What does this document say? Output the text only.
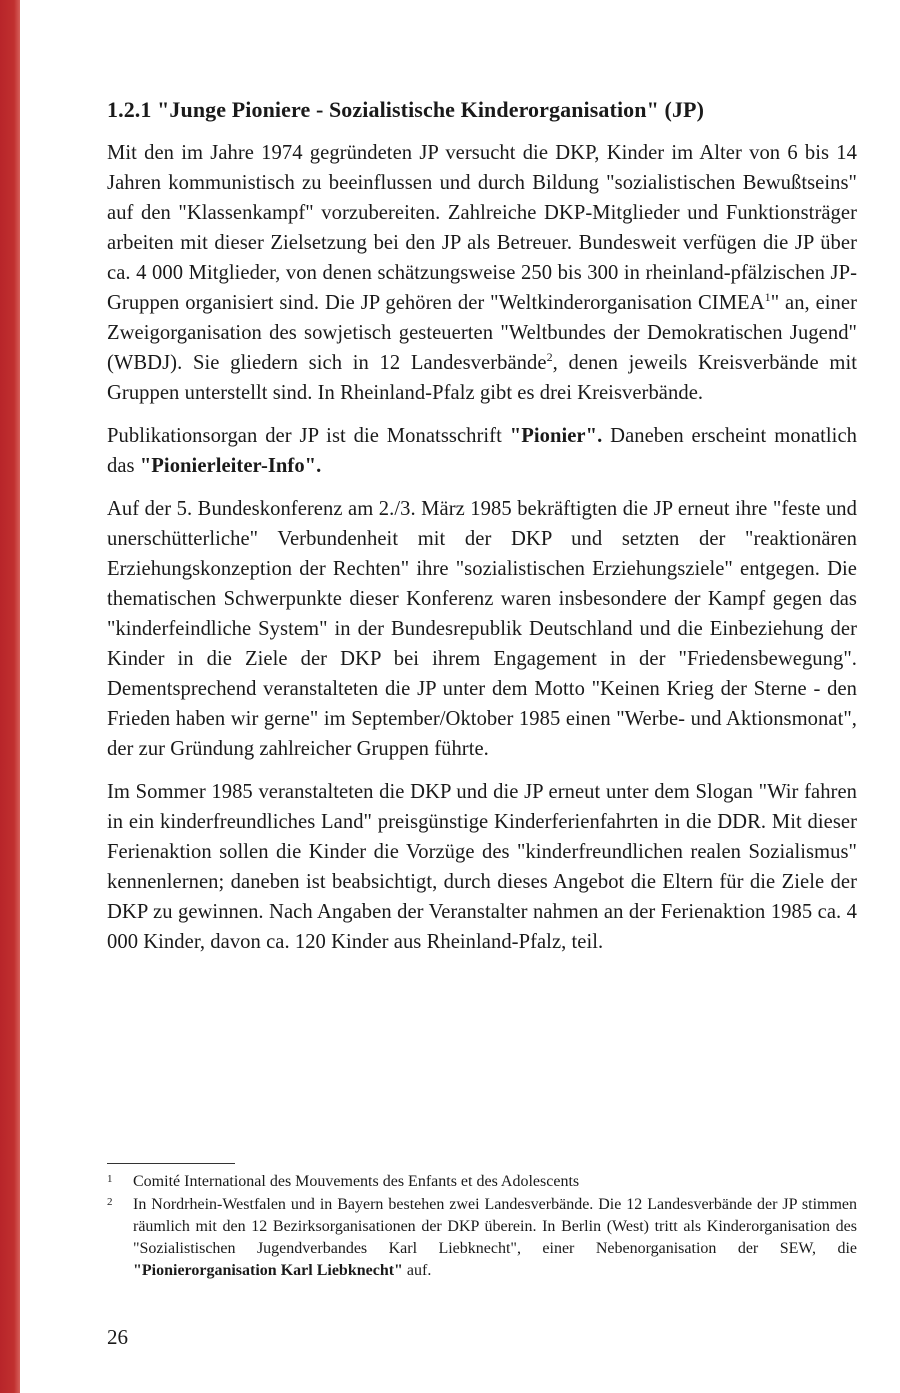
1.2.1 "Junge Pioniere - Sozialistische Kinderorganisation" (JP)

Mit den im Jahre 1974 gegründeten JP versucht die DKP, Kinder im Alter von 6 bis 14 Jahren kommunistisch zu beeinflussen und durch Bildung "sozialistischen Bewußtseins" auf den "Klassenkampf" vorzubereiten. Zahlreiche DKP-Mitglieder und Funktionsträger arbeiten mit dieser Zielsetzung bei den JP als Betreuer. Bundesweit verfügen die JP über ca. 4 000 Mitglieder, von denen schätzungsweise 250 bis 300 in rheinland-pfälzischen JP-Gruppen organisiert sind. Die JP gehören der "Weltkinderorganisation CIMEA$^1$" an, einer Zweigorganisation des sowjetisch gesteuerten "Weltbundes der Demokratischen Jugend" (WBDJ). Sie gliedern sich in 12 Landesverbände$^2$, denen jeweils Kreisverbände mit Gruppen unterstellt sind. In Rheinland-Pfalz gibt es drei Kreisverbände.

Publikationsorgan der JP ist die Monatsschrift "Pionier". Daneben erscheint monatlich das "Pionierleiter-Info".

Auf der 5. Bundeskonferenz am 2./3. März 1985 bekräftigten die JP erneut ihre "feste und unerschütterliche" Verbundenheit mit der DKP und setzten der "reaktionären Erziehungskonzeption der Rechten" ihre "sozialistischen Erziehungsziele" entgegen. Die thematischen Schwerpunkte dieser Konferenz waren insbesondere der Kampf gegen das "kinderfeindliche System" in der Bundesrepublik Deutschland und die Einbeziehung der Kinder in die Ziele der DKP bei ihrem Engagement in der "Friedensbewegung". Dementsprechend veranstalteten die JP unter dem Motto "Keinen Krieg der Sterne - den Frieden haben wir gerne" im September/Oktober 1985 einen "Werbe- und Aktionsmonat", der zur Gründung zahlreicher Gruppen führte.

Im Sommer 1985 veranstalteten die DKP und die JP erneut unter dem Slogan "Wir fahren in ein kinderfreundliches Land" preisgünstige Kinderferienfahrten in die DDR. Mit dieser Ferienaktion sollen die Kinder die Vorzüge des "kinderfreundlichen realen Sozialismus" kennenlernen; daneben ist beabsichtigt, durch dieses Angebot die Eltern für die Ziele der DKP zu gewinnen. Nach Angaben der Veranstalter nahmen an der Ferienaktion 1985 ca. 4 000 Kinder, davon ca. 120 Kinder aus Rheinland-Pfalz, teil.

1 Comité International des Mouvements des Enfants et des Adolescents
2 In Nordrhein-Westfalen und in Bayern bestehen zwei Landesverbände. Die 12 Landesverbände der JP stimmen räumlich mit den 12 Bezirksorganisationen der DKP überein. In Berlin (West) tritt als Kinderorganisation des "Sozialistischen Jugendverbandes Karl Liebknecht", einer Nebenorganisation der SEW, die "Pionierorganisation Karl Liebknecht" auf.
26
